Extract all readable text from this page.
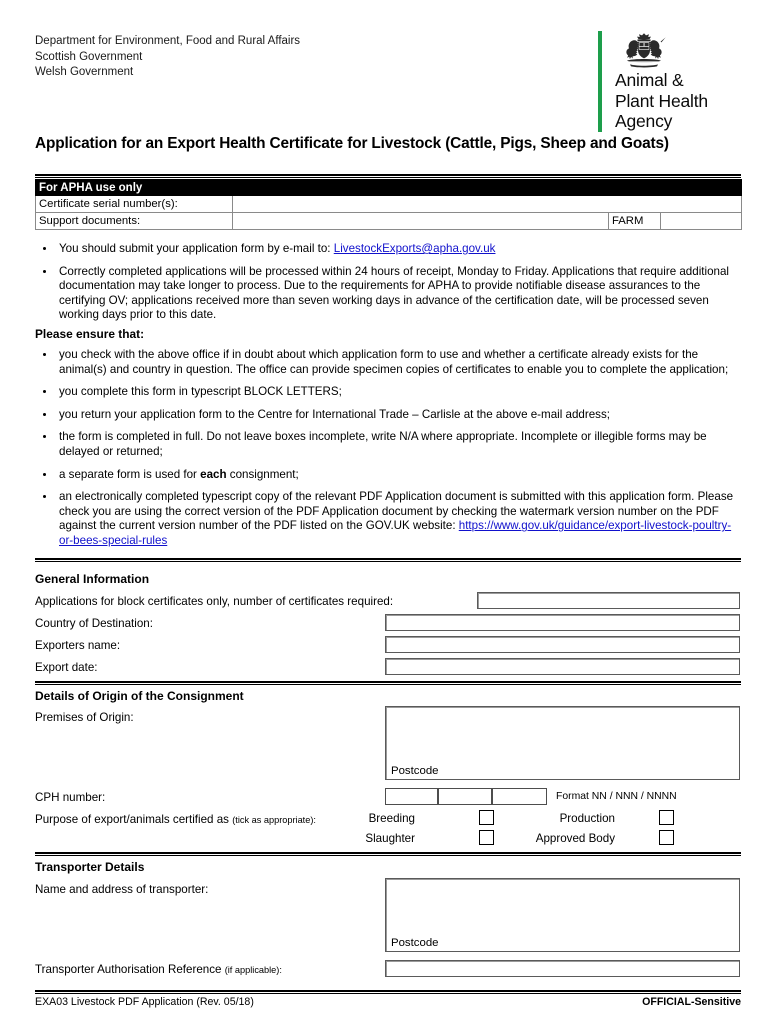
Department for Environment, Food and Rural Affairs
Scottish Government
Welsh Government	Animal &
Plant Health
Agency
Application for an Export Health Certificate for Livestock (Cattle, Pigs, Sheep and Goats)
For APHA use only			
Certificate serial number(s):			
Support documents:		FARM	
You should submit your application form by e-mail to: LivestockExports@apha.gov.uk
Correctly completed applications will be processed within 24 hours of receipt, Monday to Friday. Applications that require additional documentation may take longer to process. Due to the requirements for APHA to provide notifiable disease assurances to the certifying OV; applications received more than seven working days in advance of the certification date, will be processed seven working days prior to this date.
Please ensure that:
you check with the above office if in doubt about which application form to use and whether a certificate already exists for the animal(s) and country in question. The office can provide specimen copies of certificates to enable you to complete the application;
you complete this form in typescript BLOCK LETTERS;
you return your application form to the Centre for International Trade – Carlisle at the above e-mail address;
the form is completed in full. Do not leave boxes incomplete, write N/A where appropriate. Incomplete or illegible forms may be delayed or returned;
a separate form is used for each consignment;
an electronically completed typescript copy of the relevant PDF Application document is submitted with this application form. Please check you are using the correct version of the PDF Application document by checking the watermark version number on the PDF against the current version number of the PDF listed on the GOV.UK website: https://www.gov.uk/guidance/export-livestock-poultry-or-bees-special-rules
General Information
Applications for block certificates only, number of certificates required:
Country of Destination:
Exporters name:
Export date:
Details of Origin of the Consignment
Premises of Origin:
Postcode
CPH number:	Format NN / NNN / NNNN
Purpose of export/animals certified as (tick as appropriate):	Breeding	Production
Slaughter	Approved Body
Transporter Details
Name and address of transporter:
Postcode
Transporter Authorisation Reference (if applicable):
EXA03 Livestock PDF Application (Rev. 05/18)	OFFICIAL-Sensitive
